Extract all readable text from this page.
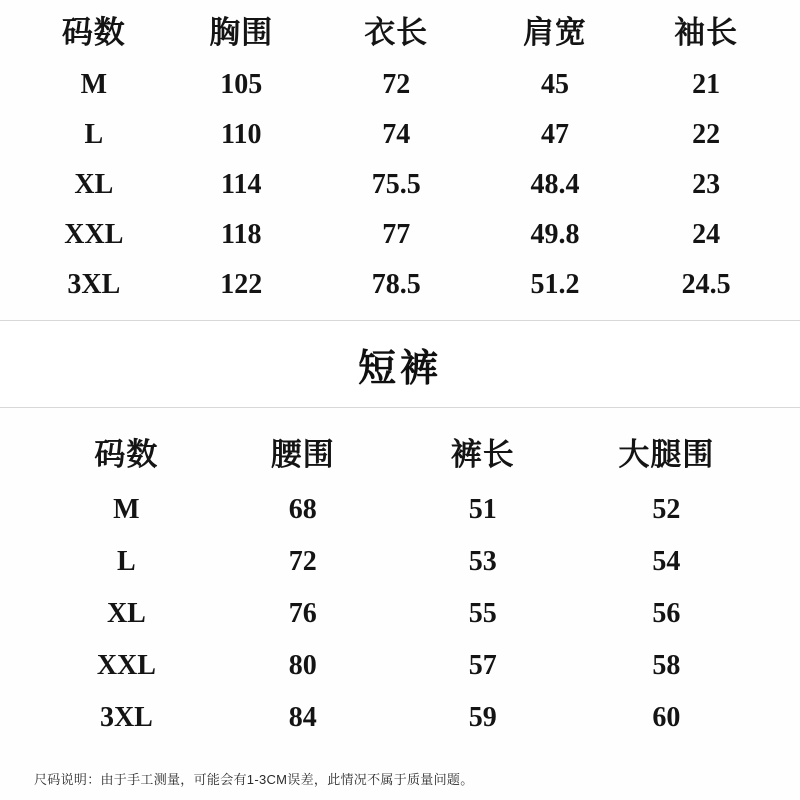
码数	胸围	衣长	肩宽	袖长
M	105	72	45	21
L	110	74	47	22
XL	114	75.5	48.4	23
XXL	118	77	49.8	24
3XL	122	78.5	51.2	24.5
短裤
码数	腰围	裤长	大腿围
M	68	51	52
L	72	53	54
XL	76	55	56
XXL	80	57	58
3XL	84	59	60
尺码说明：由于手工测量，可能会有1-3CM误差，此情况不属于质量问题。
